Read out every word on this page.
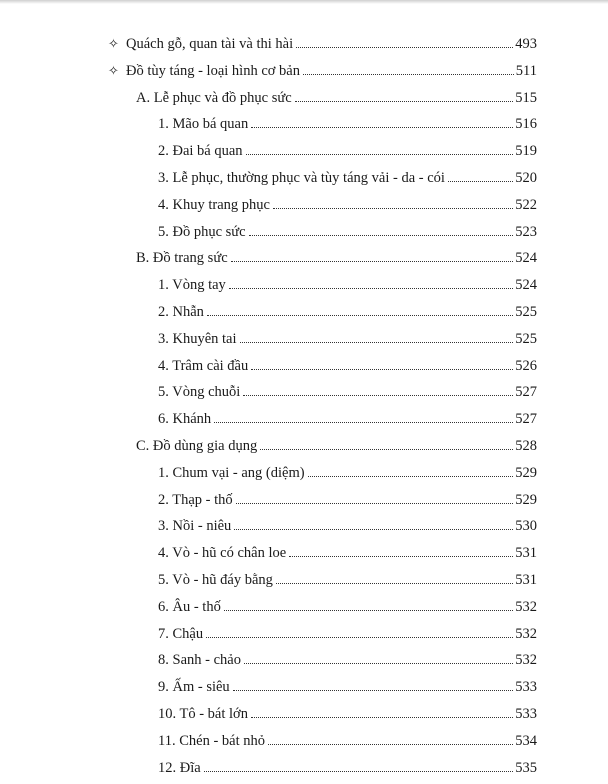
✧ Quách gỗ, quan tài và thi hài	493
✧ Đồ tùy táng - loại hình cơ bản	511
A. Lễ phục và đồ phục sức	515
1. Mão bá quan	516
2. Đai bá quan	519
3. Lễ phục, thường phục và tùy táng vải - da - cói	520
4. Khuy trang phục	522
5. Đồ phục sức	523
B. Đồ trang sức	524
1. Vòng tay	524
2. Nhẫn	525
3. Khuyên tai	525
4. Trâm cài đầu	526
5. Vòng chuỗi	527
6. Khánh	527
C. Đồ dùng gia dụng	528
1. Chum vại - ang (diệm)	529
2. Thạp - thố	529
3. Nồi - niêu	530
4. Vò - hũ có chân loe	531
5. Vò - hũ đáy bằng	531
6. Âu - thố	532
7. Chậu	532
8. Sanh - chảo	532
9. Ấm - siêu	533
10. Tô - bát lớn	533
11. Chén - bát nhỏ	534
12. Đĩa	535
